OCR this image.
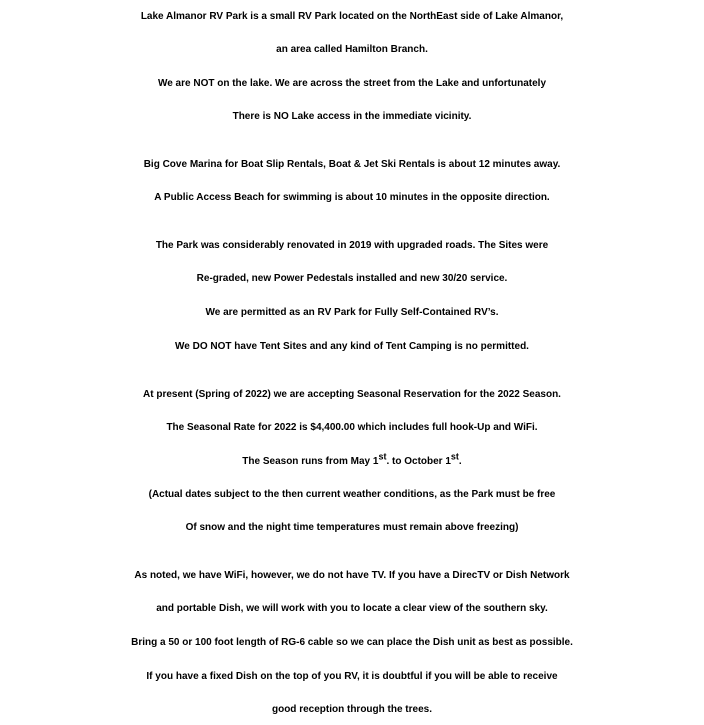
Lake Almanor RV Park is a small RV Park located on the NorthEast side of Lake Almanor,
an area called Hamilton Branch.
We are NOT on the lake. We are across the street from the Lake and unfortunately
There is NO Lake access in the immediate vicinity.
Big Cove Marina for Boat Slip Rentals, Boat & Jet Ski Rentals is about 12 minutes away.
A Public Access Beach for swimming is about 10 minutes in the opposite direction.
The Park was considerably renovated in 2019 with upgraded roads. The Sites were
Re-graded, new Power Pedestals installed and new 30/20 service.
We are permitted as an RV Park for Fully Self-Contained RV’s.
We DO NOT have Tent Sites and any kind of Tent Camping is no permitted.
At present (Spring of 2022) we are accepting Seasonal Reservation for the 2022 Season.
The Seasonal Rate for 2022 is $4,400.00 which includes full hook-Up and WiFi.
The Season runs from May 1st. to October 1st.
(Actual dates subject to the then current weather conditions, as the Park must be free
Of snow and the night time temperatures must remain above freezing)
As noted, we have WiFi, however, we do not have TV. If you have a DirecTV or Dish Network
and portable Dish, we will work with you to locate a clear view of the southern sky.
Bring a 50 or 100 foot length of RG-6 cable so we can place the Dish unit as best as possible.
If you have a fixed Dish on the top of you RV, it is doubtful if you will be able to receive
good reception through the trees.
